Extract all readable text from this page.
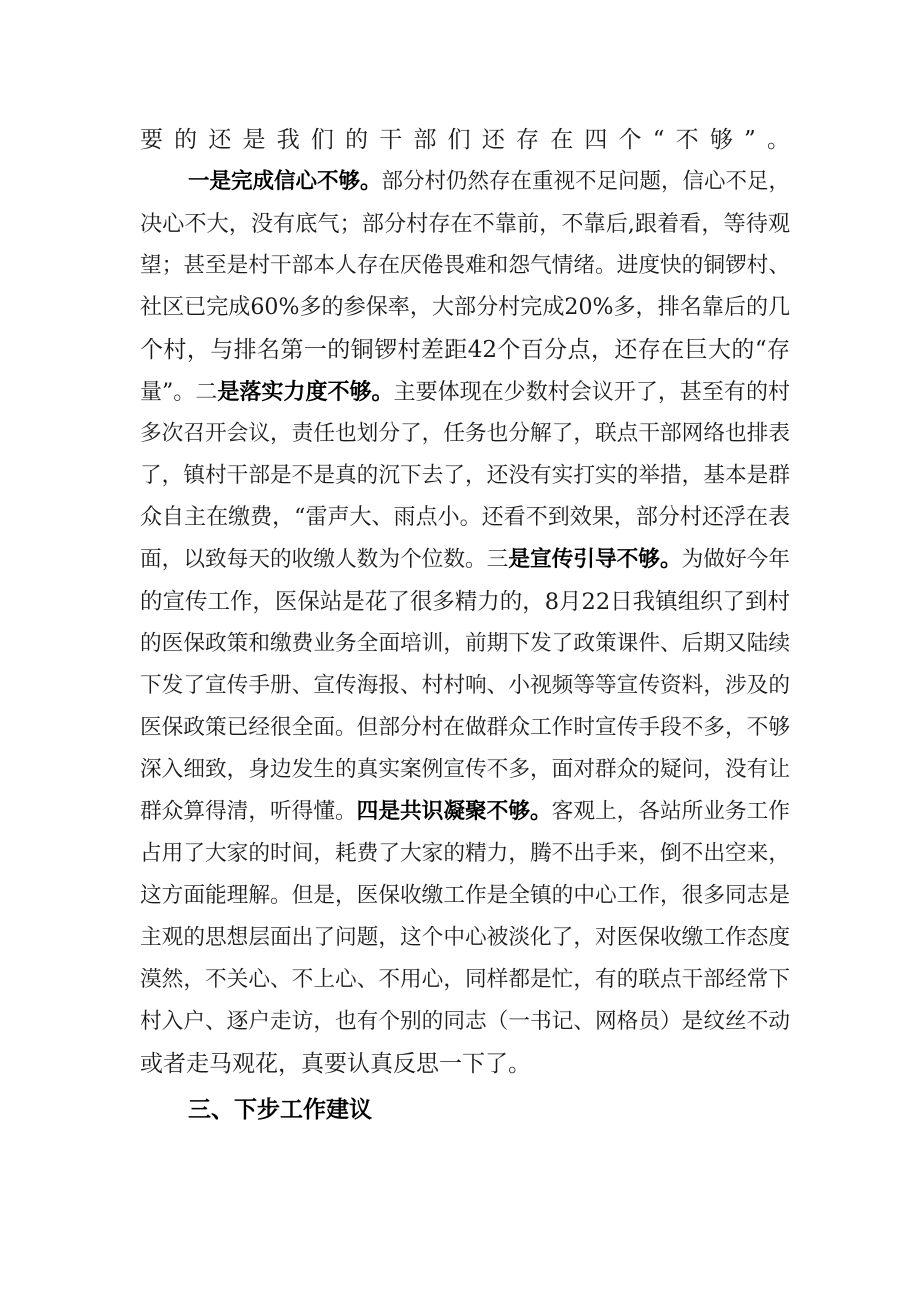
要的还是我们的干部们还存在四个“不够”。
一是完成信心不够。部分村仍然存在重视不足问题，信心不足，
决心不大，没有底气；部分村存在不靠前，不靠后,跟着看，等待观
望；甚至是村干部本人存在厌倦畏难和怨气情绪。进度快的铜锣村、
社区已完成60%多的参保率，大部分村完成20%多，排名靠后的几
个村，与排名第一的铜锣村差距42个百分点，还存在巨大的“存
量”。二是落实力度不够。主要体现在少数村会议开了，甚至有的村
多次召开会议，责任也划分了，任务也分解了，联点干部网络也排表
了，镇村干部是不是真的沉下去了，还没有实打实的举措，基本是群
众自主在缴费，“雷声大、雨点小。还看不到效果，部分村还浮在表
面，以致每天的收缴人数为个位数。三是宣传引导不够。为做好今年
的宣传工作，医保站是花了很多精力的，8月22日我镇组织了到村
的医保政策和缴费业务全面培训，前期下发了政策课件、后期又陆续
下发了宣传手册、宣传海报、村村响、小视频等等宣传资料，涉及的
医保政策已经很全面。但部分村在做群众工作时宣传手段不多，不够
深入细致，身边发生的真实案例宣传不多，面对群众的疑问，没有让
群众算得清，听得懂。四是共识凝聚不够。客观上，各站所业务工作
占用了大家的时间，耗费了大家的精力，腾不出手来，倒不出空来，
这方面能理解。但是，医保收缴工作是全镇的中心工作，很多同志是
主观的思想层面出了问题，这个中心被淡化了，对医保收缴工作态度
漠然，不关心、不上心、不用心，同样都是忙，有的联点干部经常下
村入户、逐户走访，也有个别的同志（一书记、网格员）是纹丝不动
或者走马观花，真要认真反思一下了。
三、下步工作建议
